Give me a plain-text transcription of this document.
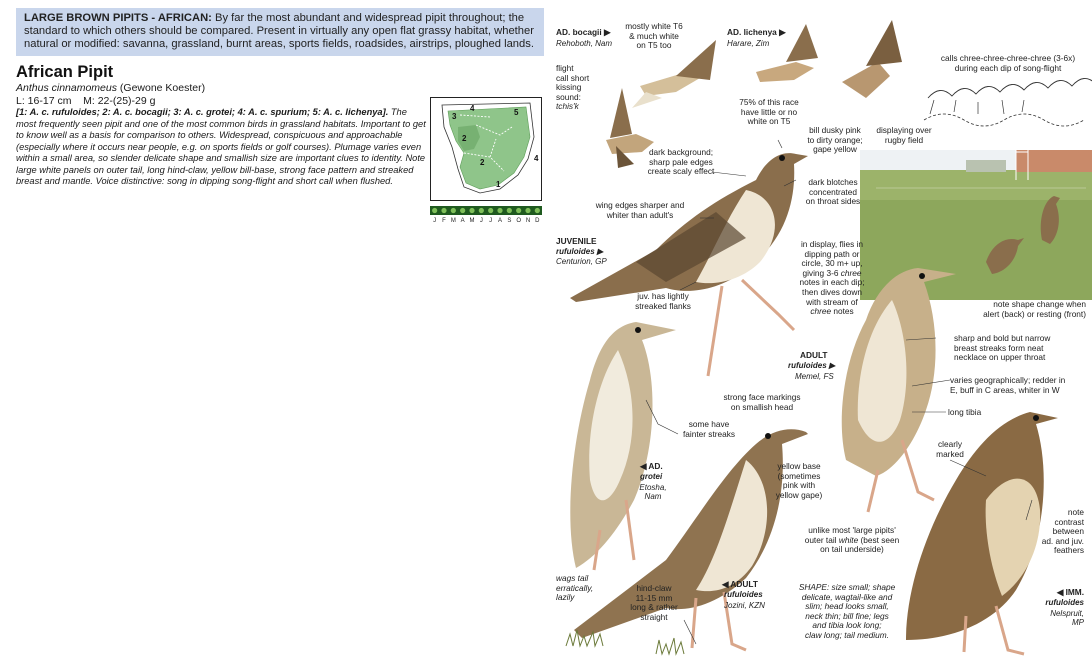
LARGE BROWN PIPITS - AFRICAN: By far the most abundant and widespread pipit throughout; the standard to which others should be compared. Present in virtually any open flat grassy habitat, whether natural or modified: savanna, grassland, burnt areas, sports fields, roadsides, airstrips, ploughed lands.
African Pipit
Anthus cinnamomeus (Gewone Koester)
L: 16-17 cm M: 22-(25)-29 g
[1: A. c. rufuloides; 2: A. c. bocagii; 3: A. c. grotei; 4: A. c. spurium; 5: A. c. lichenya]. The most frequently seen pipit and one of the most common birds in grassland habitats. Important to get to know well as a basis for comparison to others. Widespread, conspicuous and approachable (especially where it occurs near people, e.g. on sports fields or golf courses). Plumage varies even within a small area, so slender delicate shape and smallish size are important clues to identity. Note large white panels on outer tail, long hind-claw, yellow bill-base, strong face pattern and streaked breast and mantle. Voice distinctive: song in dipping song-flight and short call when flushed.
4
3
2
2
1
5
4
J F M A M J J A S O N D
AD. bocagii ▶
Rehoboth, Nam
AD. lichenya ▶
Harare, Zim
flight
call short
kissing
sound:
tchis'k
mostly white T6
& much white
on T5 too
75% of this race
have little or no
white on T5
calls chree-chree-chree-chree (3-6x)
during each dip of song-flight
bill dusky pink
to dirty orange;
gape yellow
displaying over
rugby field
dark background;
sharp pale edges
create scaly effect
dark blotches
concentrated
on throat sides
wing edges sharper and
whiter than adult's
JUVENILE
rufuloides ▶
Centurion, GP
in display, flies in
dipping path or
circle, 30 m+ up,
giving 3-6 chree
notes in each dip;
then dives down
with stream of
chree notes
juv. has lightly
streaked flanks	note shape change when
alert (back) or resting (front)
sharp and bold but narrow
breast streaks form neat
necklace on upper throat
ADULT
rufuloides ▶
Memel, FS	varies geographically; redder in
E, buff in C areas, whiter in W
long tibia
strong face markings
on smallish head
some have
fainter streaks
clearly
marked
◀ AD.
grotei
Etosha,
Nam
yellow base
(sometimes
pink with
yellow gape)
note
contrast
between
ad. and juv.
feathers
unlike most 'large pipits'
outer tail white (best seen
on tail underside)
wags tail
erratically,
lazily
hind-claw
11-15 mm
long & rather
straight
◀ ADULT
rufuloides
Jozini, KZN
SHAPE: size small; shape
delicate, wagtail-like and
slim; head looks small,
neck thin; bill fine; legs
and tibia look long;
claw long; tail medium.
◀ IMM.
rufuloides
Nelspruit,
MP
